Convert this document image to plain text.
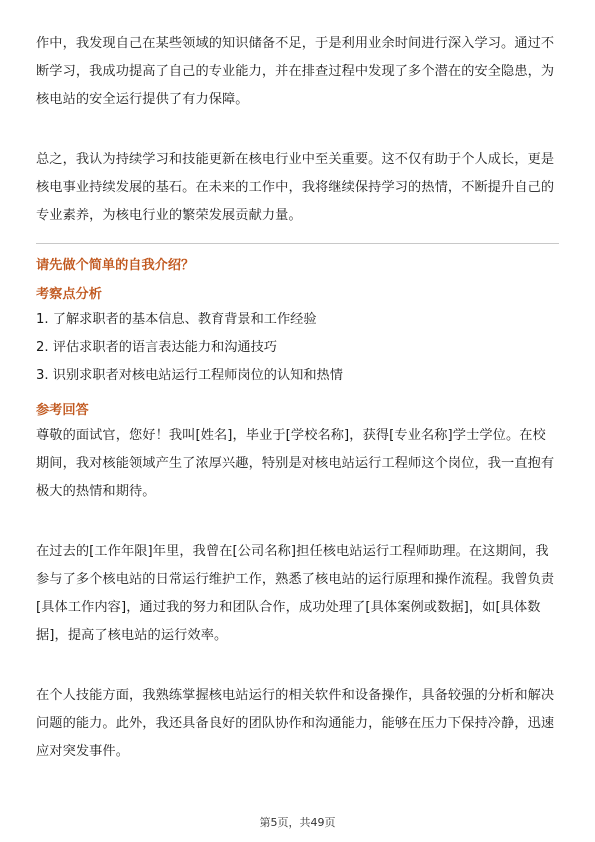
作中，我发现自己在某些领域的知识储备不足，于是利用业余时间进行深入学习。通过不断学习，我成功提高了自己的专业能力，并在排查过程中发现了多个潜在的安全隐患，为核电站的安全运行提供了有力保障。

总之，我认为持续学习和技能更新在核电行业中至关重要。这不仅有助于个人成长，更是核电事业持续发展的基石。在未来的工作中，我将继续保持学习的热情，不断提升自己的专业素养，为核电行业的繁荣发展贡献力量。

请先做个简单的自我介绍？

考察点分析

1. 了解求职者的基本信息、教育背景和工作经验

2. 评估求职者的语言表达能力和沟通技巧

3. 识别求职者对核电站运行工程师岗位的认知和热情

参考回答

尊敬的面试官，您好！我叫[姓名]，毕业于[学校名称]，获得[专业名称]学士学位。在校期间，我对核能领域产生了浓厚兴趣，特别是对核电站运行工程师这个岗位，我一直抱有极大的热情和期待。

在过去的[工作年限]年里，我曾在[公司名称]担任核电站运行工程师助理。在这期间，我参与了多个核电站的日常运行维护工作，熟悉了核电站的运行原理和操作流程。我曾负责[具体工作内容]，通过我的努力和团队合作，成功处理了[具体案例或数据]，如[具体数据]，提高了核电站的运行效率。

在个人技能方面，我熟练掌握核电站运行的相关软件和设备操作，具备较强的分析和解决问题的能力。此外，我还具备良好的团队协作和沟通能力，能够在压力下保持冷静，迅速应对突发事件。

第5页，共49页
